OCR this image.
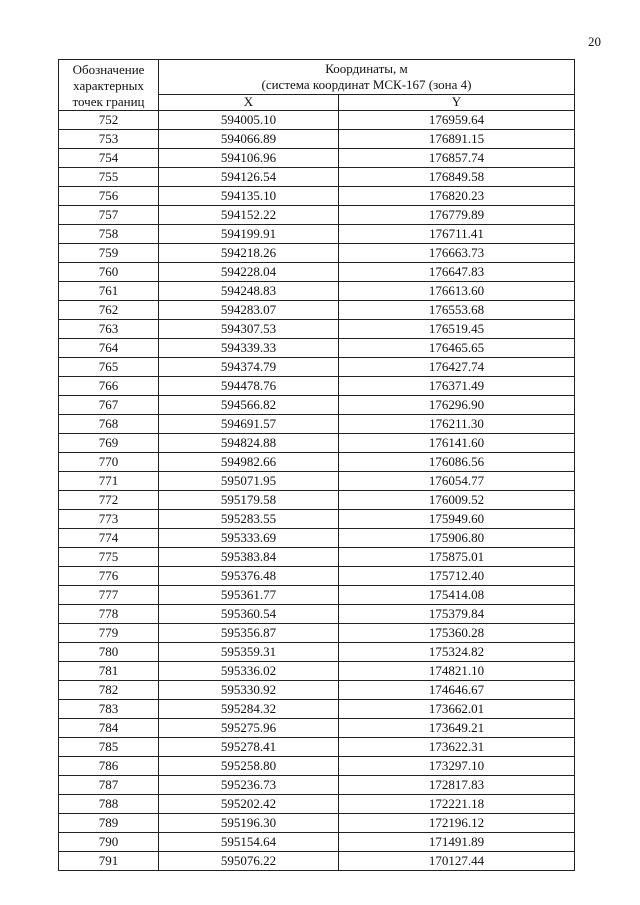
20
Обозначение
характерных
точек границ	Координаты, м
(система координат МСК-167 (зона 4)	

	X	Y
752	594005.10	176959.64
753	594066.89	176891.15
754	594106.96	176857.74
755	594126.54	176849.58
756	594135.10	176820.23
757	594152.22	176779.89
758	594199.91	176711.41
759	594218.26	176663.73
760	594228.04	176647.83
761	594248.83	176613.60
762	594283.07	176553.68
763	594307.53	176519.45
764	594339.33	176465.65
765	594374.79	176427.74
766	594478.76	176371.49
767	594566.82	176296.90
768	594691.57	176211.30
769	594824.88	176141.60
770	594982.66	176086.56
771	595071.95	176054.77
772	595179.58	176009.52
773	595283.55	175949.60
774	595333.69	175906.80
775	595383.84	175875.01
776	595376.48	175712.40
777	595361.77	175414.08
778	595360.54	175379.84
779	595356.87	175360.28
780	595359.31	175324.82
781	595336.02	174821.10
782	595330.92	174646.67
783	595284.32	173662.01
784	595275.96	173649.21
785	595278.41	173622.31
786	595258.80	173297.10
787	595236.73	172817.83
788	595202.42	172221.18
789	595196.30	172196.12
790	595154.64	171491.89
791	595076.22	170127.44
